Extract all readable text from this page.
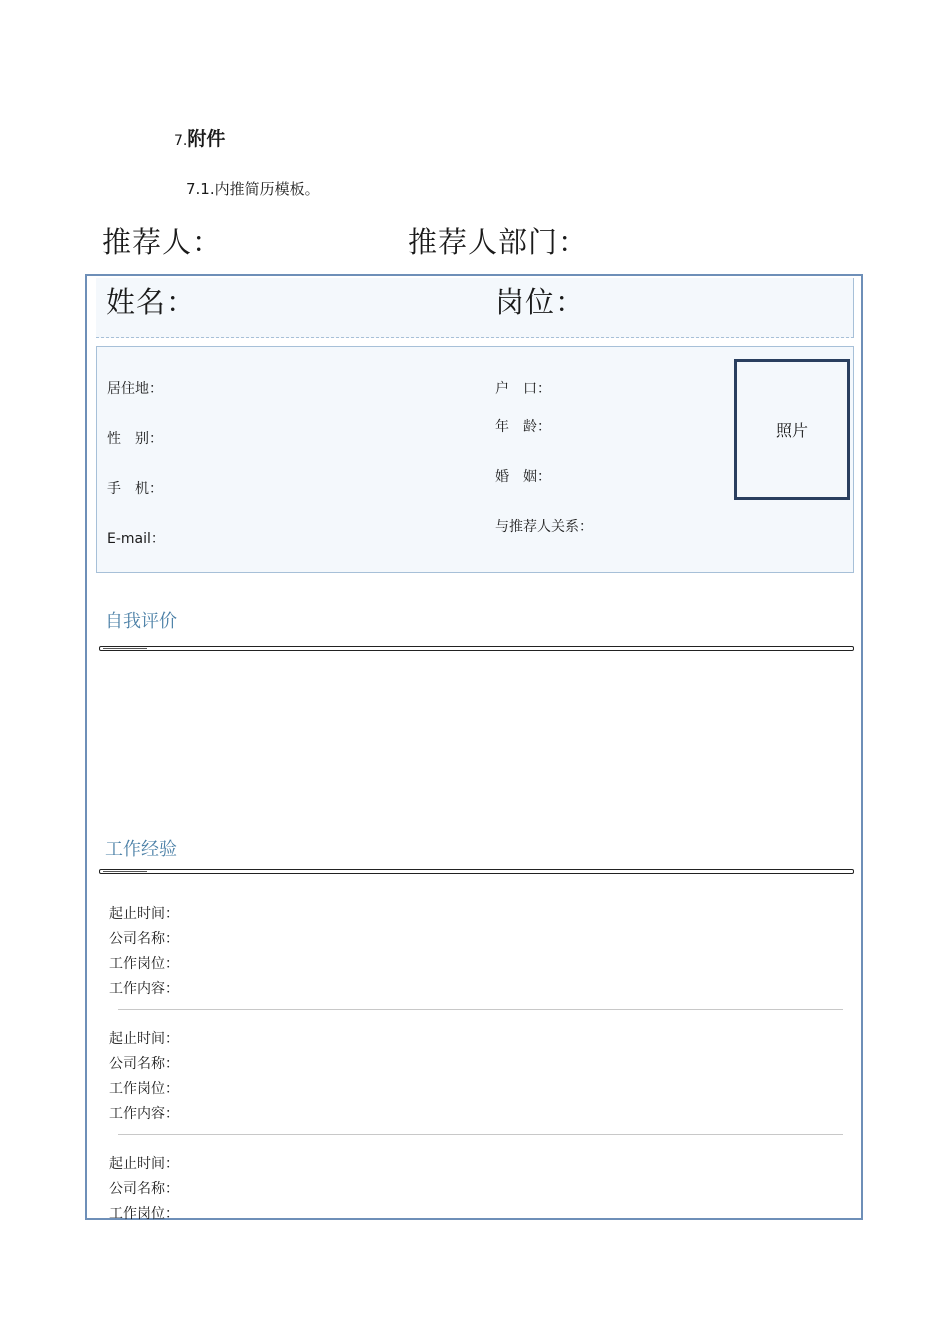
7.附件
7.1.内推简历模板。
推荐人：	推荐人部门：
姓名：	岗位：
居住地：
性　别：
手　机：
E-mail：
户　口：
年　龄：
婚　姻：
与推荐人关系：
照片
自我评价
工作经验
起止时间：
公司名称：
工作岗位：
工作内容：
起止时间：
公司名称：
工作岗位：
工作内容：
起止时间：
公司名称：
工作岗位：
